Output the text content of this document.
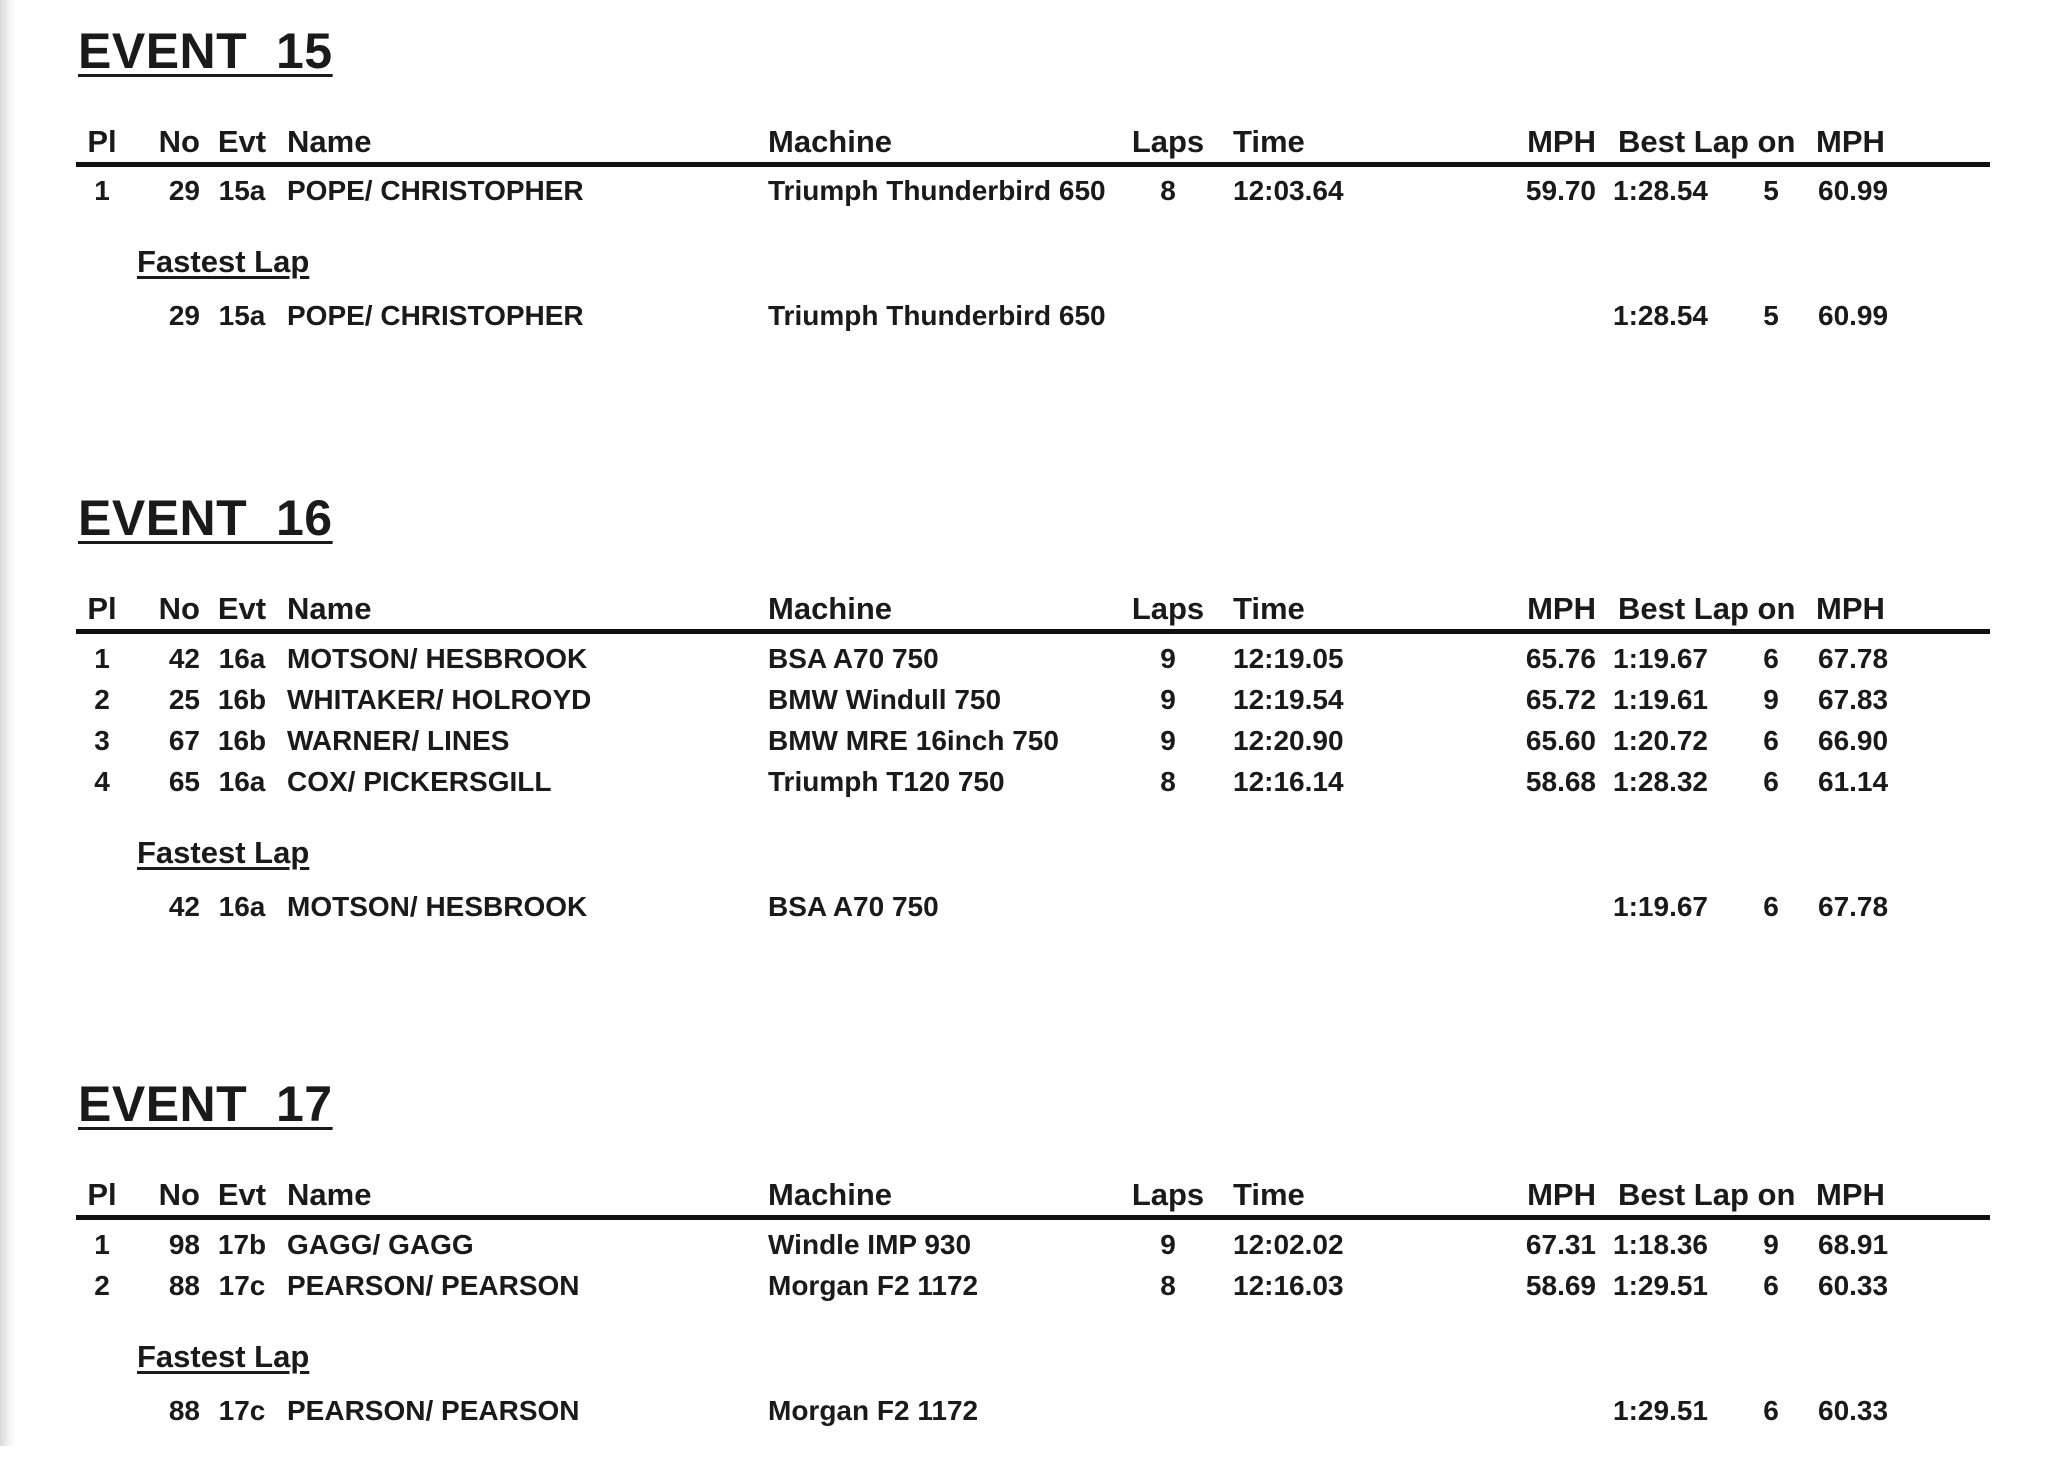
EVENT  15
Pl No Evt Name	Machine	Laps Time	MPH Best Lap on MPH
1	29 15a POPE/ CHRISTOPHER	Triumph Thunderbird 650	8	12:03.64	59.70 1:28.54	5	60.99
Fastest Lap
29 15a POPE/ CHRISTOPHER	Triumph Thunderbird 650	1:28.54	5	60.99
EVENT  16
Pl No Evt Name	Machine	Laps Time	MPH Best Lap on MPH
1	42 16a MOTSON/ HESBROOK	BSA A70 750	9	12:19.05	65.76 1:19.67	6	67.78
2	25 16b WHITAKER/ HOLROYD	BMW Windull 750	9	12:19.54	65.72 1:19.61	9	67.83
3	67 16b WARNER/ LINES	BMW MRE 16inch 750	9	12:20.90	65.60 1:20.72	6	66.90
4	65 16a COX/ PICKERSGILL	Triumph T120 750	8	12:16.14	58.68 1:28.32	6	61.14
Fastest Lap
42 16a MOTSON/ HESBROOK	BSA A70 750	1:19.67	6	67.78
EVENT  17
Pl No Evt Name	Machine	Laps Time	MPH Best Lap on MPH
1	98 17b GAGG/ GAGG	Windle IMP 930	9	12:02.02	67.31 1:18.36	9	68.91
2	88 17c PEARSON/ PEARSON	Morgan F2 1172	8	12:16.03	58.69 1:29.51	6	60.33
Fastest Lap
88 17c PEARSON/ PEARSON	Morgan F2 1172	1:29.51	6	60.33
